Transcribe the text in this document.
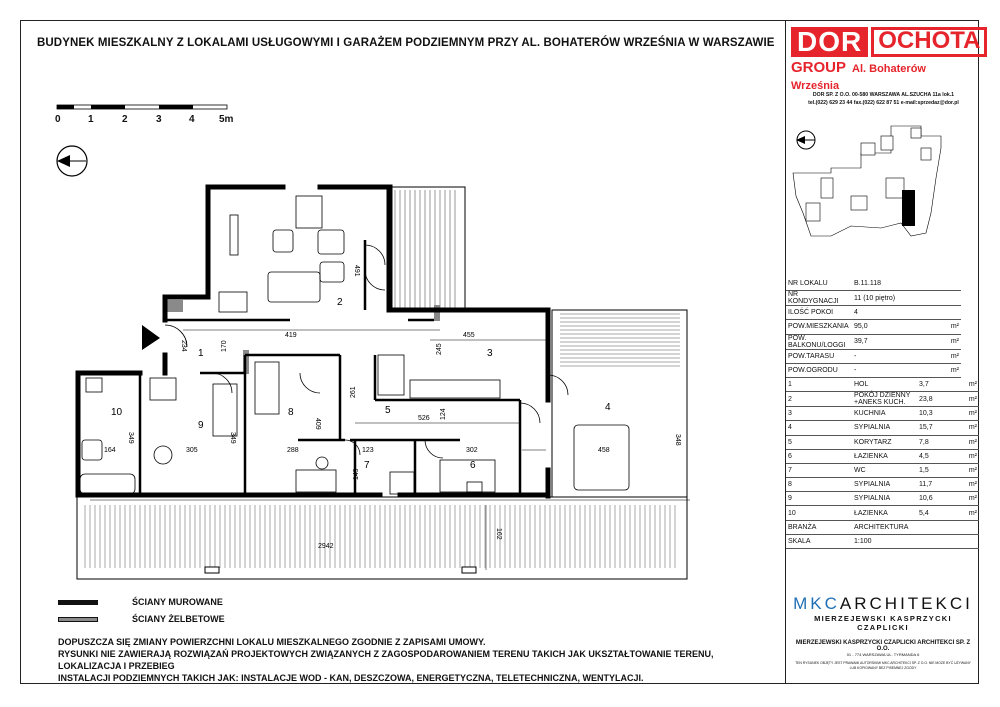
BUDYNEK MIESZKALNY Z LOKALAMI USŁUGOWYMI I GARAŻEM PODZIEMNYM PRZY AL. BOHATERÓW WRZEŚNIA W WARSZAWIE
0	1	2	3	4 5m
1
2
3
4
5
6
7
8
9
10
234
419
491
455
245
526 124
123	302	458
348
261
409
288
305
349
349
164
170
149
162
2942
ŚCIANY MUROWANE
ŚCIANY ŻELBETOWE
DOPUSZCZA SIĘ ZMIANY POWIERZCHNI LOKALU MIESZKALNEGO ZGODNIE Z ZAPISAMI UMOWY.
RYSUNKI NIE ZAWIERAJĄ ROZWIĄZAŃ PROJEKTOWYCH ZWIĄZANYCH Z ZAGOSPODAROWANIEM TERENU TAKICH JAK UKSZTAŁTOWANIE TERENU, LOKALIZACJA I PRZEBIEG
INSTALACJI PODZIEMNYCH TAKICH JAK: INSTALACJE WOD - KAN, DESZCZOWA, ENERGETYCZNA, TELETECHNICZNA, WENTYLACJI.
DOR OCHOTA
GROUP Al. Bohaterów Września
DOR SP. Z O.O. 00-580 WARSZAWA AL.SZUCHA 11a lok.1
tel.(022) 629 23 44 fax.(022) 622 87 51 e-mail:sprzedaz@dor.pl
NR LOKALU	B.11.118		
NR KONDYGNACJI	11 (10 piętro)		
ILOŚĆ POKOI	4		
POW.MIESZKANIA	95,0	m²	
POW. BALKONU/LOGGI	39,7	m²	
POW.TARASU	-	m²	
POW.OGRODU	-	m²	
1	HOL	3,7	m²
2	POKÓJ DZIENNY +ANEKS KUCH.	23,8	m²
3	KUCHNIA	10,3	m²
4	SYPIALNIA	15,7	m²
5	KORYTARZ	7,8	m²
6	ŁAZIENKA	4,5	m²
7	WC	1,5	m²
8	SYPIALNIA	11,7	m²
9	SYPIALNIA	10,6	m²
10	ŁAZIENKA	5,4	m²
BRANŻA	ARCHITEKTURA		
SKALA	1:100		
MKCARCHITEKCI
MIERZEJEWSKI KASPRZYCKI CZAPLICKI
MIERZEJEWSKI KASPRZYCKI CZAPLICKI ARCHITEKCI SP. Z O.O.
01 - 774 WARSZAWA UL. TYRMANDA 6
TEN RYSUNEK OBJĘTY JEST PRAWAMI AUTORSKIMI MKC ARCHITEKCI SP. Z O.O. NIE MOŻE BYĆ UŻYWANY LUB KOPIOWANY BEZ PISEMNEJ ZGODY
